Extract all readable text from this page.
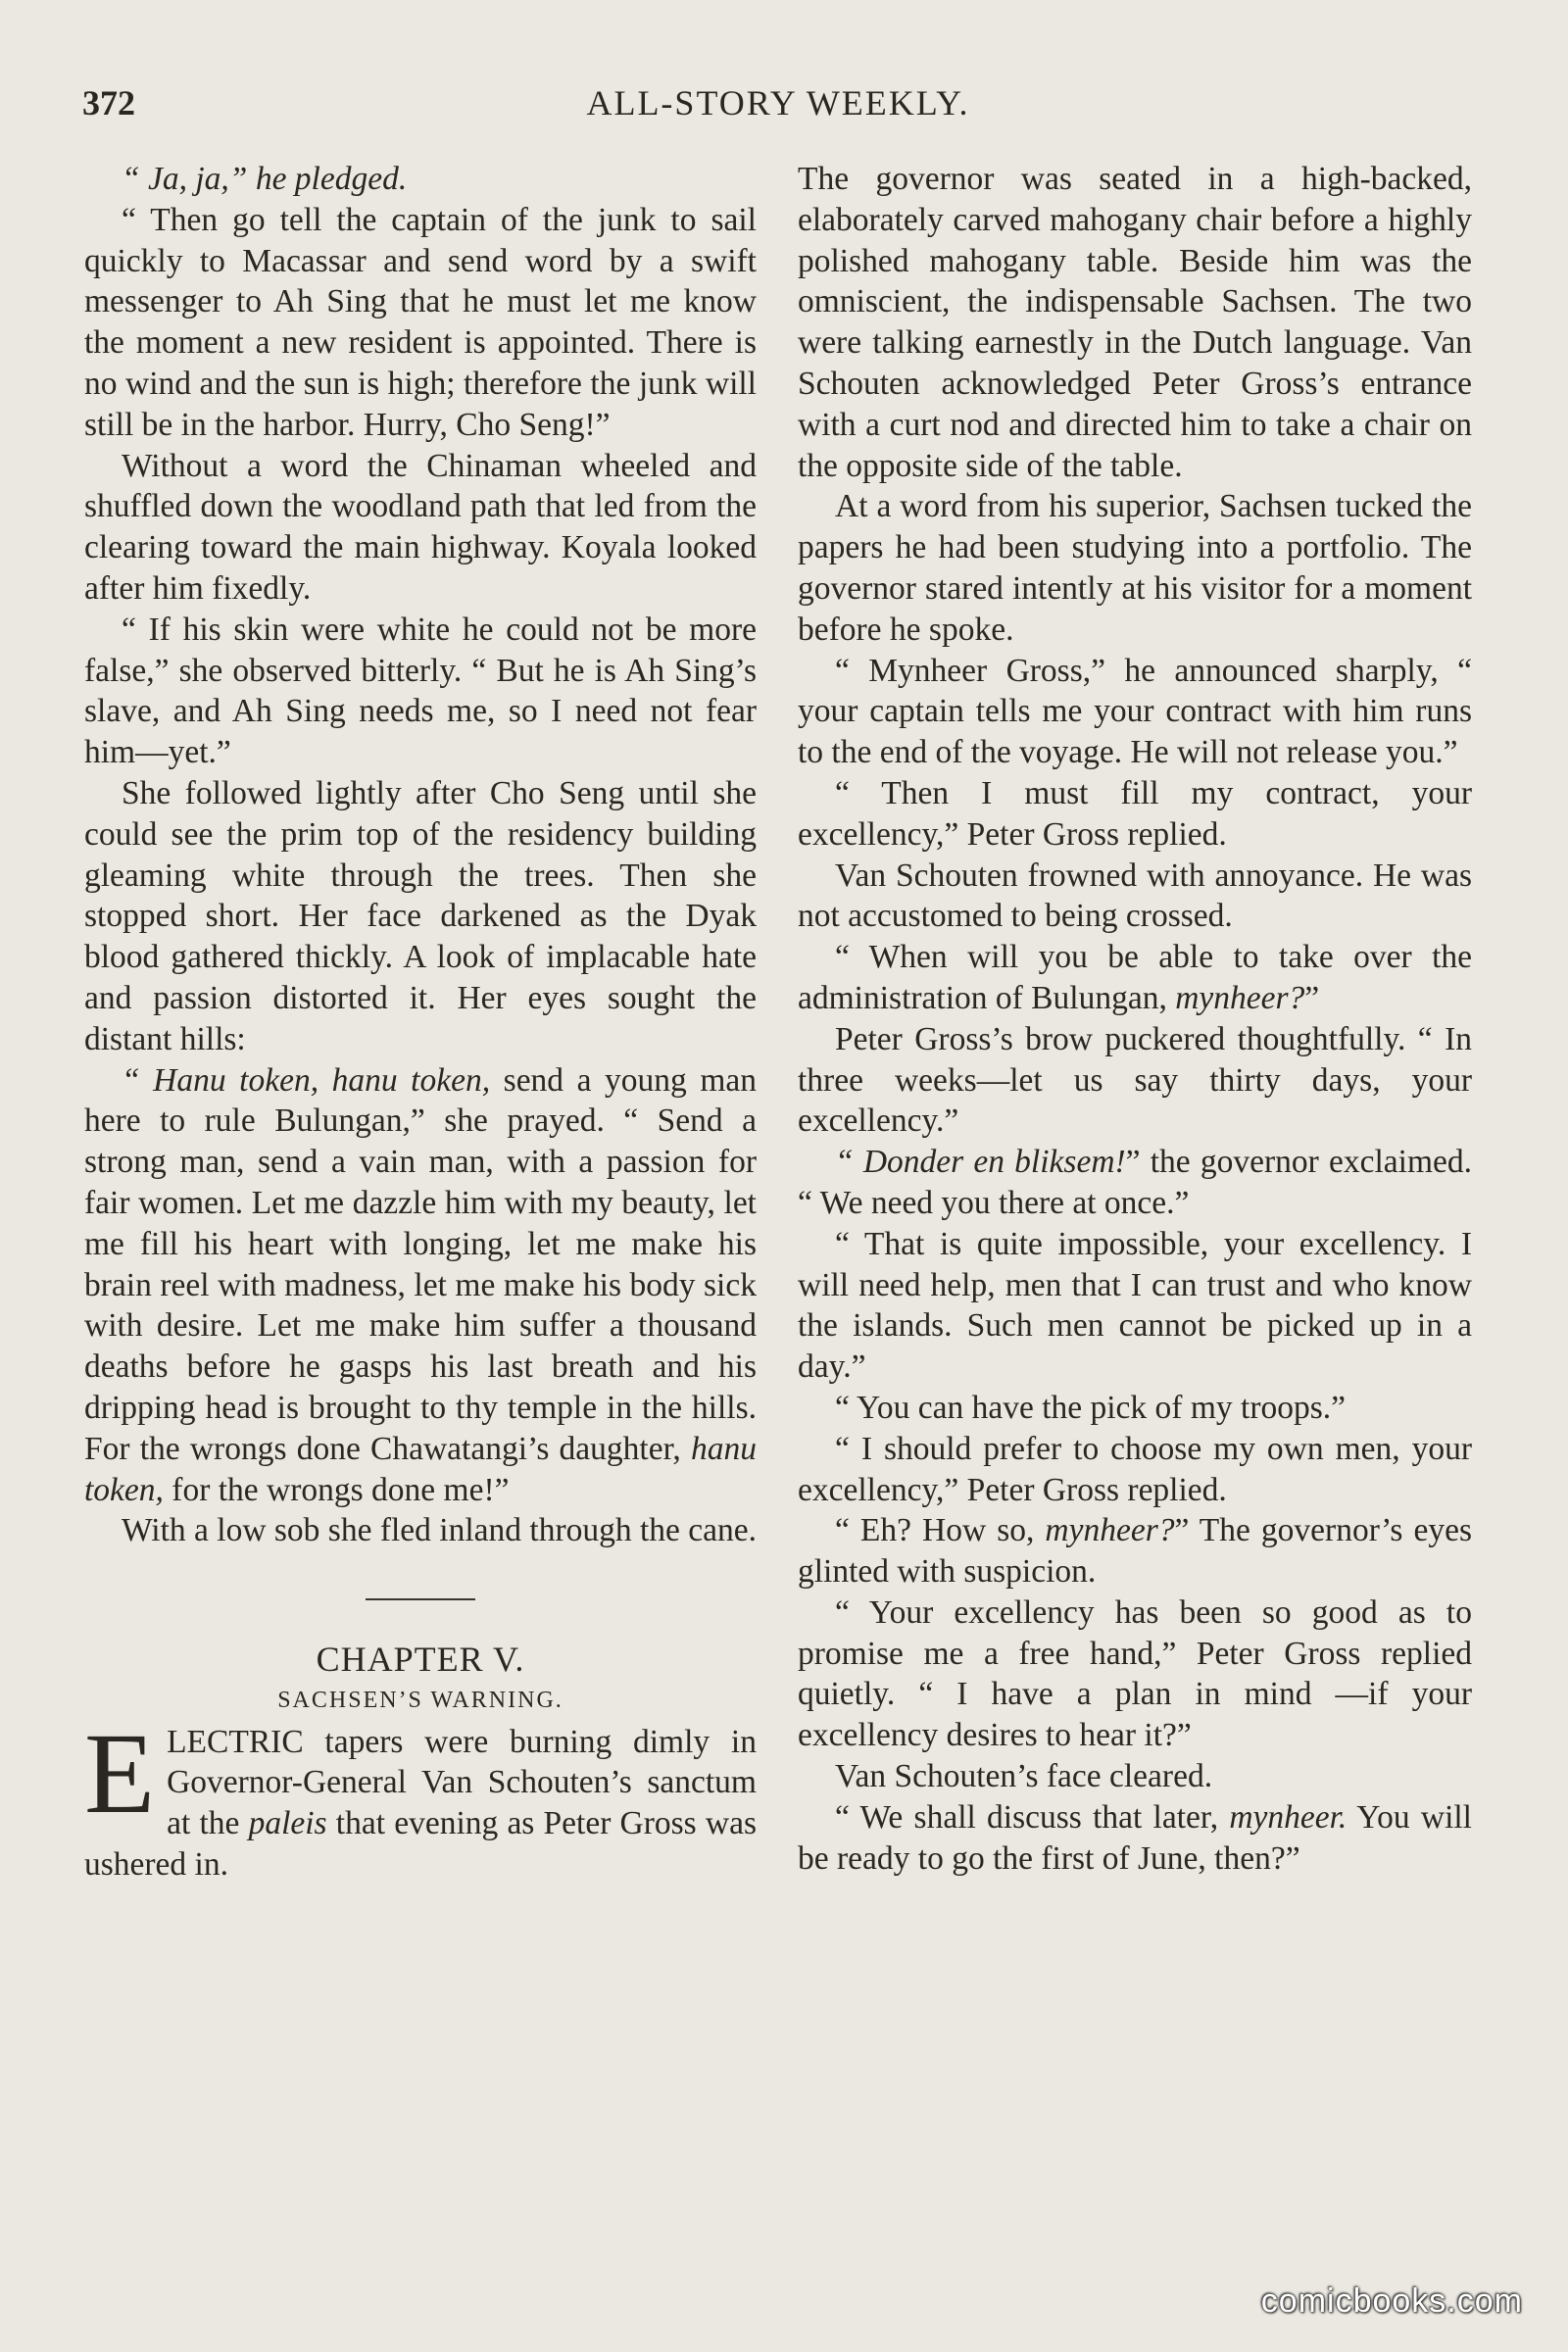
372	ALL-STORY WEEKLY.

“ Ja, ja,” he pledged.

“ Then go tell the captain of the junk to sail quickly to Macassar and send word by a swift messenger to Ah Sing that he must let me know the moment a new resident is appointed. There is no wind and the sun is high; therefore the junk will still be in the harbor. Hurry, Cho Seng!”

Without a word the Chinaman wheeled and shuffled down the woodland path that led from the clearing toward the main highway. Koyala looked after him fixedly.

“ If his skin were white he could not be more false,” she observed bitterly. “ But he is Ah Sing’s slave, and Ah Sing needs me, so I need not fear him—yet.”

She followed lightly after Cho Seng until she could see the prim top of the residency building gleaming white through the trees. Then she stopped short. Her face darkened as the Dyak blood gathered thickly. A look of implacable hate and passion distorted it. Her eyes sought the distant hills:

“ Hanu token, hanu token, send a young man here to rule Bulungan,” she prayed. “ Send a strong man, send a vain man, with a passion for fair women. Let me dazzle him with my beauty, let me fill his heart with longing, let me make his brain reel with madness, let me make his body sick with desire. Let me make him suffer a thousand deaths before he gasps his last breath and his dripping head is brought to thy temple in the hills. For the wrongs done Chawatangi’s daughter, hanu token, for the wrongs done me!”

With a low sob she fled inland through the cane.

CHAPTER V.

SACHSEN’S WARNING.

ELECTRIC tapers were burning dimly in Governor-General Van Schouten’s sanctum at the paleis that evening as Peter Gross was ushered in.

The governor was seated in a high-backed, elaborately carved mahogany chair before a highly polished mahogany table. Beside him was the omniscient, the indispensable Sachsen. The two were talking earnestly in the Dutch language. Van Schouten acknowledged Peter Gross’s entrance with a curt nod and directed him to take a chair on the opposite side of the table.

At a word from his superior, Sachsen tucked the papers he had been studying into a portfolio. The governor stared intently at his visitor for a moment before he spoke.

“ Mynheer Gross,” he announced sharply, “ your captain tells me your contract with him runs to the end of the voyage. He will not release you.”

“ Then I must fill my contract, your excellency,” Peter Gross replied.

Van Schouten frowned with annoyance. He was not accustomed to being crossed.

“ When will you be able to take over the administration of Bulungan, mynheer?”

Peter Gross’s brow puckered thoughtfully. “ In three weeks—let us say thirty days, your excellency.”

“ Donder en bliksem!” the governor exclaimed. “ We need you there at once.”

“ That is quite impossible, your excellency. I will need help, men that I can trust and who know the islands. Such men cannot be picked up in a day.”

“ You can have the pick of my troops.”

“ I should prefer to choose my own men, your excellency,” Peter Gross replied.

“ Eh? How so, mynheer?” The governor’s eyes glinted with suspicion.

“ Your excellency has been so good as to promise me a free hand,” Peter Gross replied quietly. “ I have a plan in mind —if your excellency desires to hear it?”

Van Schouten’s face cleared.

“ We shall discuss that later, mynheer. You will be ready to go the first of June, then?”

comicbooks.com
